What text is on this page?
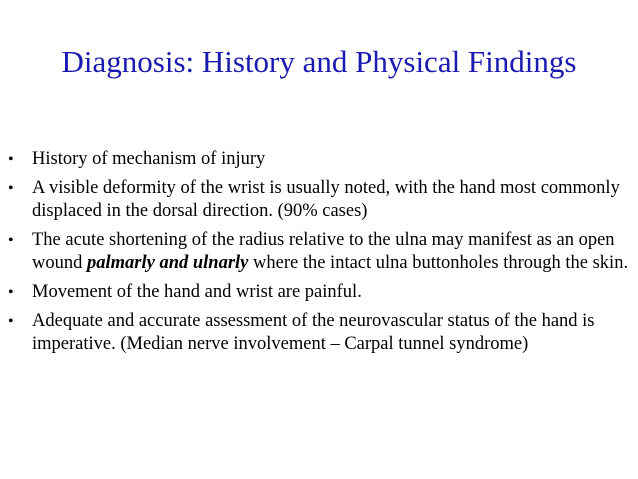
Diagnosis: History and Physical Findings
• History of mechanism of injury
• A visible deformity of the wrist is usually noted, with the hand most commonly displaced in the dorsal direction. (90% cases)
• The acute shortening of the radius relative to the ulna may manifest as an open wound palmarly and ulnarly where the intact ulna buttonholes through the skin.
• Movement of the hand and wrist are painful.
• Adequate and accurate assessment of the neurovascular status of the hand is imperative. (Median nerve involvement – Carpal tunnel syndrome)
